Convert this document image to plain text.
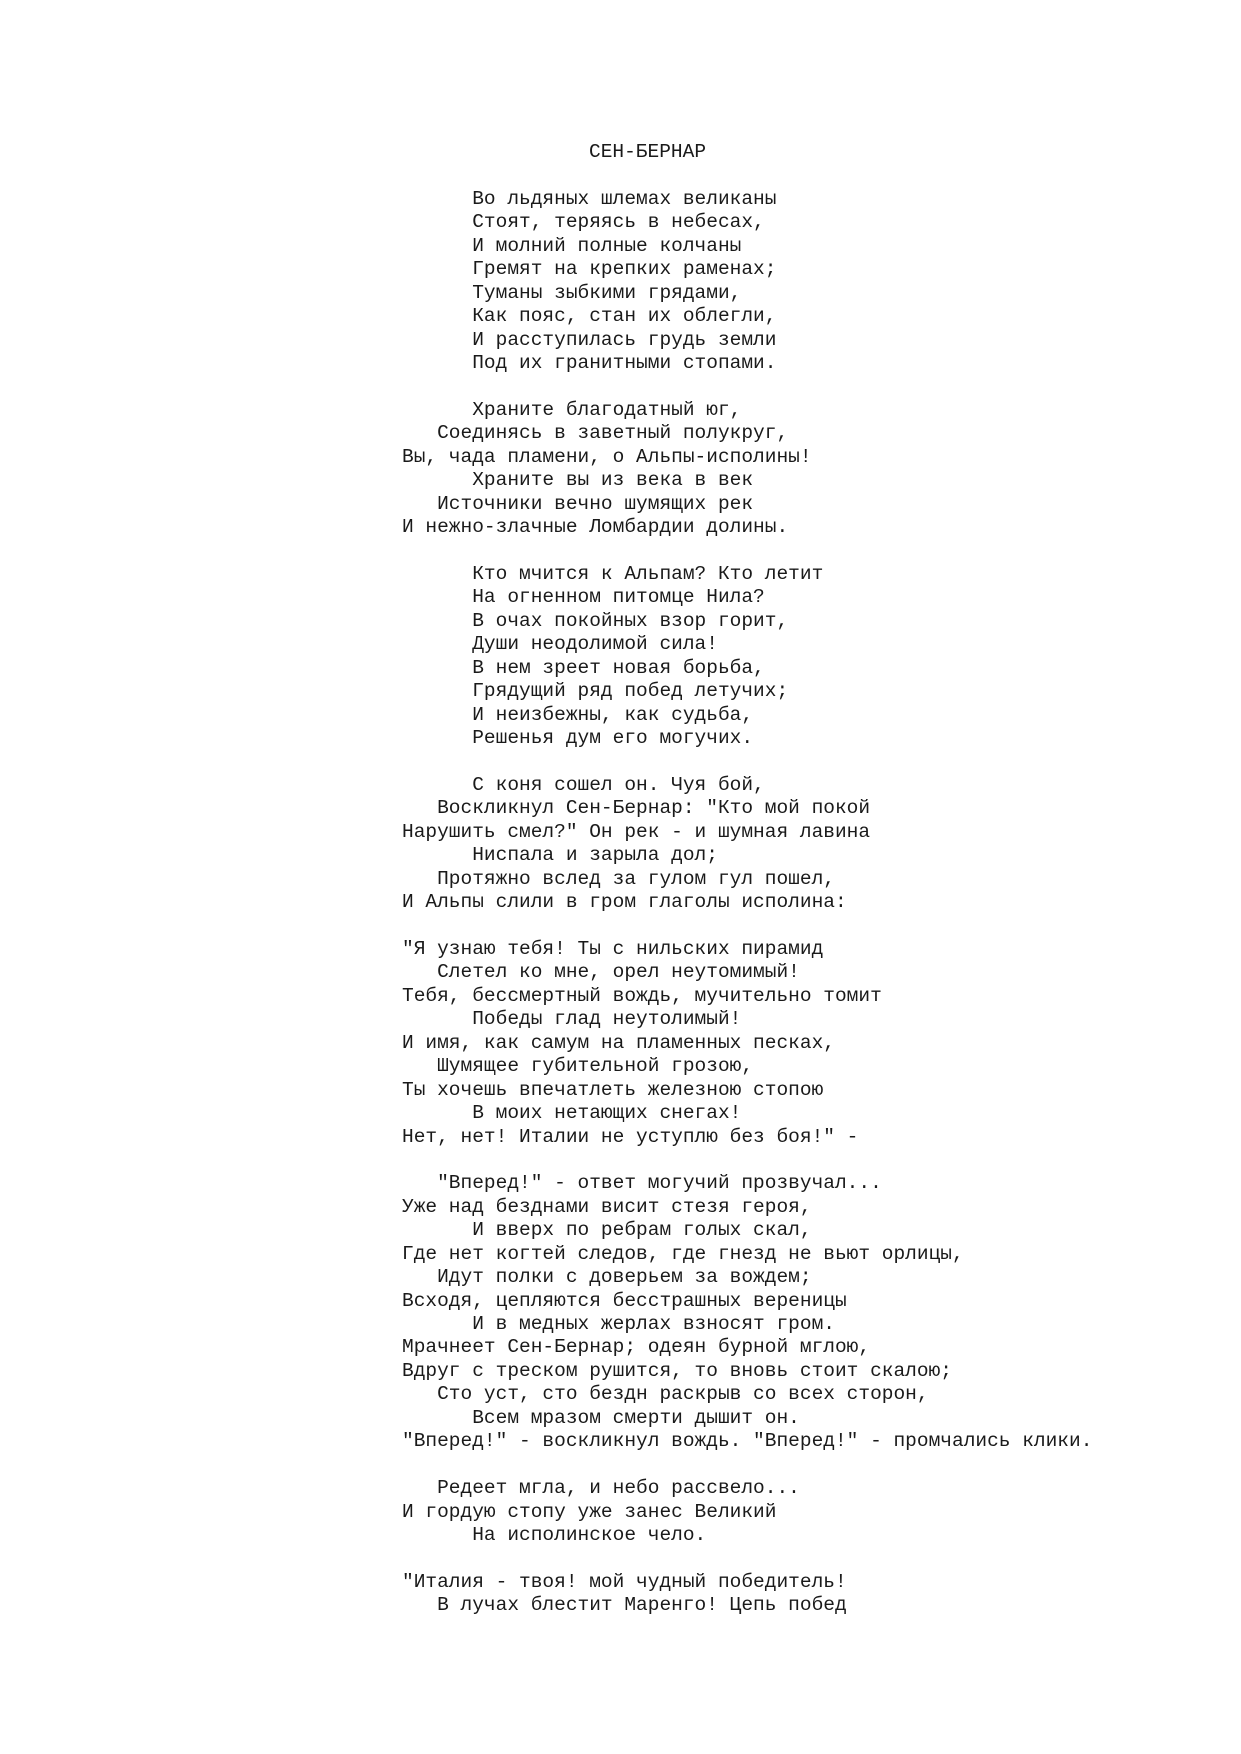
СЕН-БЕРНАР
Во льдяных шлемах великаны
Стоят, теряясь в небесах,
И молний полные колчаны
Гремят на крепких раменах;
Туманы зыбкими грядами,
Как пояс, стан их облегли,
И расступилась грудь земли
Под их гранитными стопами.
Храните благодатный юг,
Соединясь в заветный полукруг,
Вы, чада пламени, о Альпы-исполины!
Храните вы из века в век
Источники вечно шумящих рек
И нежно-злачные Ломбардии долины.
Кто мчится к Альпам? Кто летит
На огненном питомце Нила?
В очах покойных взор горит,
Души неодолимой сила!
В нем зреет новая борьба,
Грядущий ряд побед летучих;
И неизбежны, как судьба,
Решенья дум его могучих.
С коня сошел он. Чуя бой,
Воскликнул Сен-Бернар: "Кто мой покой
Нарушить смел?" Он рек - и шумная лавина
Ниспала и зарыла дол;
Протяжно вслед за гулом гул пошел,
И Альпы слили в гром глаголы исполина:
"Я узнаю тебя! Ты с нильских пирамид
Слетел ко мне, орел неутомимый!
Тебя, бессмертный вождь, мучительно томит
Победы глад неутолимый!
И имя, как самум на пламенных песках,
Шумящее губительной грозою,
Ты хочешь впечатлеть железною стопою
В моих нетающих снегах!
Нет, нет! Италии не уступлю без боя!" -
"Вперед!" - ответ могучий прозвучал...
Уже над безднами висит стезя героя,
И вверх по ребрам голых скал,
Где нет когтей следов, где гнезд не вьют орлицы,
Идут полки с доверьем за вождем;
Всходя, цепляются бесстрашных вереницы
И в медных жерлах взносят гром.
Мрачнеет Сен-Бернар; одеян бурной мглою,
Вдруг с треском рушится, то вновь стоит скалою;
Сто уст, сто бездн раскрыв со всех сторон,
Всем мразом смерти дышит он.
"Вперед!" - воскликнул вождь. "Вперед!" - промчались клики.
Редеет мгла, и небо рассвело...
И гордую стопу уже занес Великий
На исполинское чело.
"Италия - твоя! мой чудный победитель!
В лучах блестит Маренго! Цепь побед
